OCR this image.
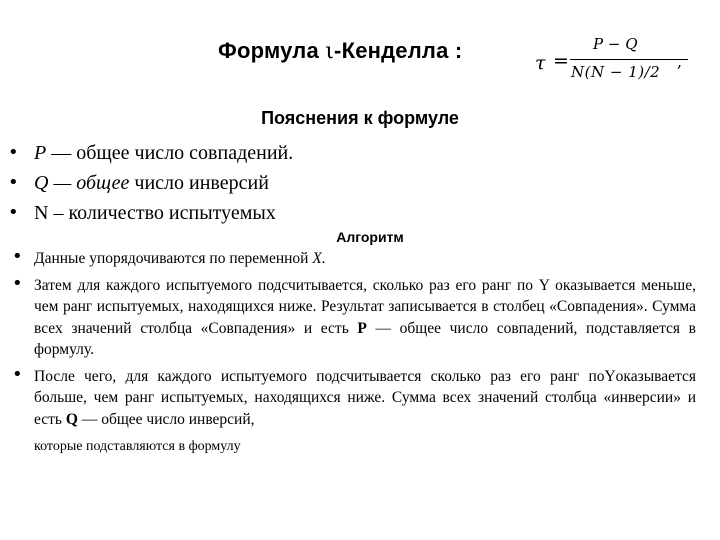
Формула ι-Кенделла :	τ =
P − Q
N(N − 1)/2
,
Пояснения к формуле
• P — общее число совпадений.
• Q — общее число инверсий
• N – количество испытуемых
Алгоритм
• Данные упорядочиваются по переменной X.
• Затем для каждого испытуемого подсчитывается, сколько раз его ранг по Y оказывается меньше, чем ранг испытуемых, находящихся ниже. Результат записывается в столбец «Совпадения». Сумма всех значений столбца «Совпадения» и есть Р — общее число совпадений, подставляется в формулу.
• После чего, для каждого испытуемого подсчитывается сколько раз его ранг поYоказывается больше, чем ранг испытуемых, находящихся ниже. Сумма всех значений столбца «инверсии» и есть Q — общее число инверсий,
которые подставляются в формулу
